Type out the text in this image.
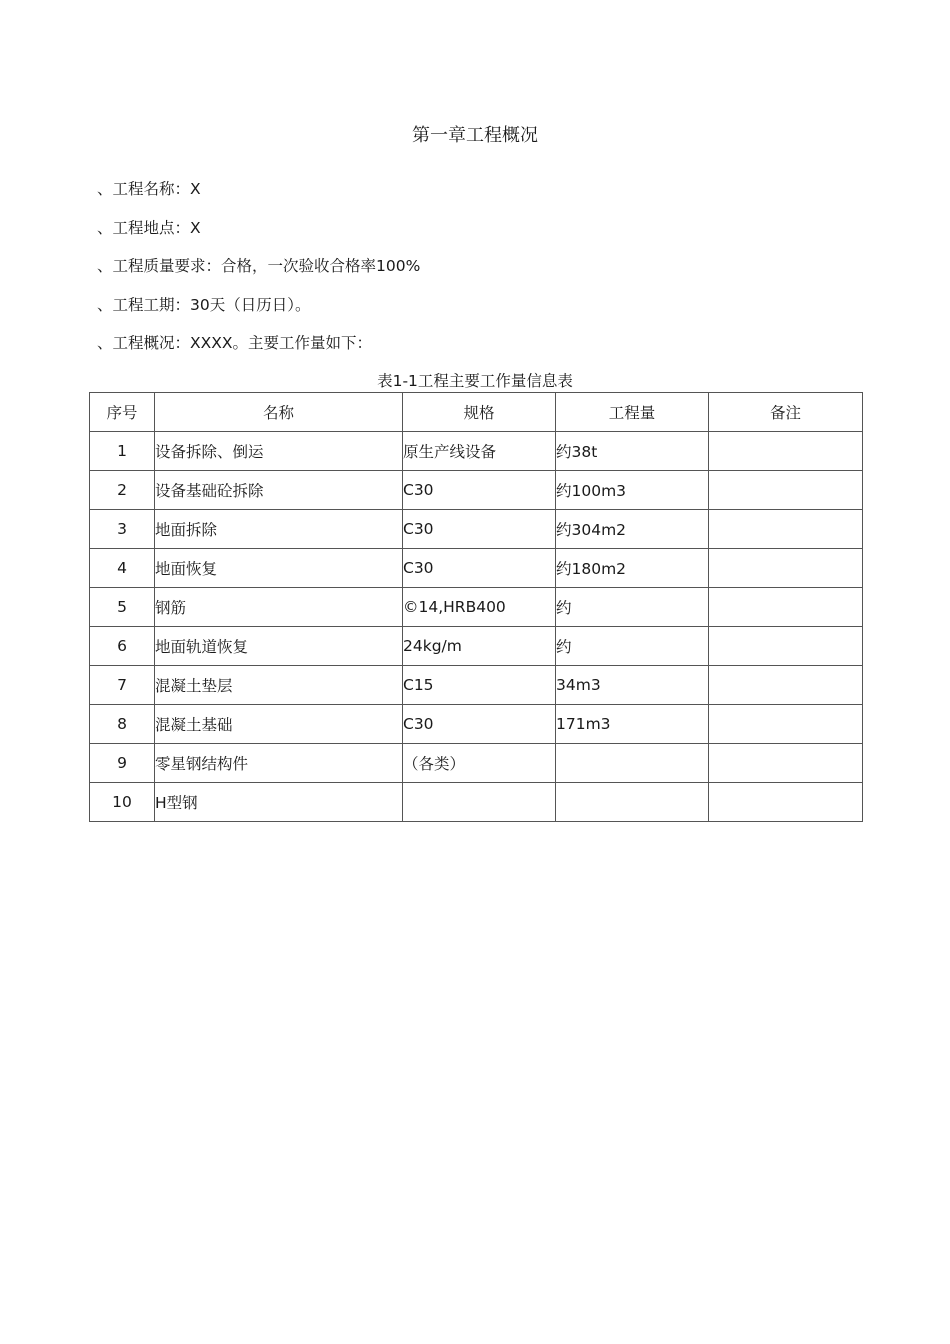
第一章工程概况
、工程名称：X
、工程地点：X
、工程质量要求：合格，一次验收合格率100%
、工程工期：30天（日历日）。
、工程概况：XXXX。主要工作量如下：
表1-1工程主要工作量信息表
序号	名称	规格	工程量	备注
1	设备拆除、倒运	原生产线设备	约38t	
2	设备基础砼拆除	C30	约100m3	
3	地面拆除	C30	约304m2	
4	地面恢复	C30	约180m2	
5	钢筋	©14,HRB400	约	
6	地面轨道恢复	24kg/m	约	
7	混凝土垫层	C15	34m3	
8	混凝土基础	C30	171m3	
9	零星钢结构件	（各类）		
10	H型钢			
